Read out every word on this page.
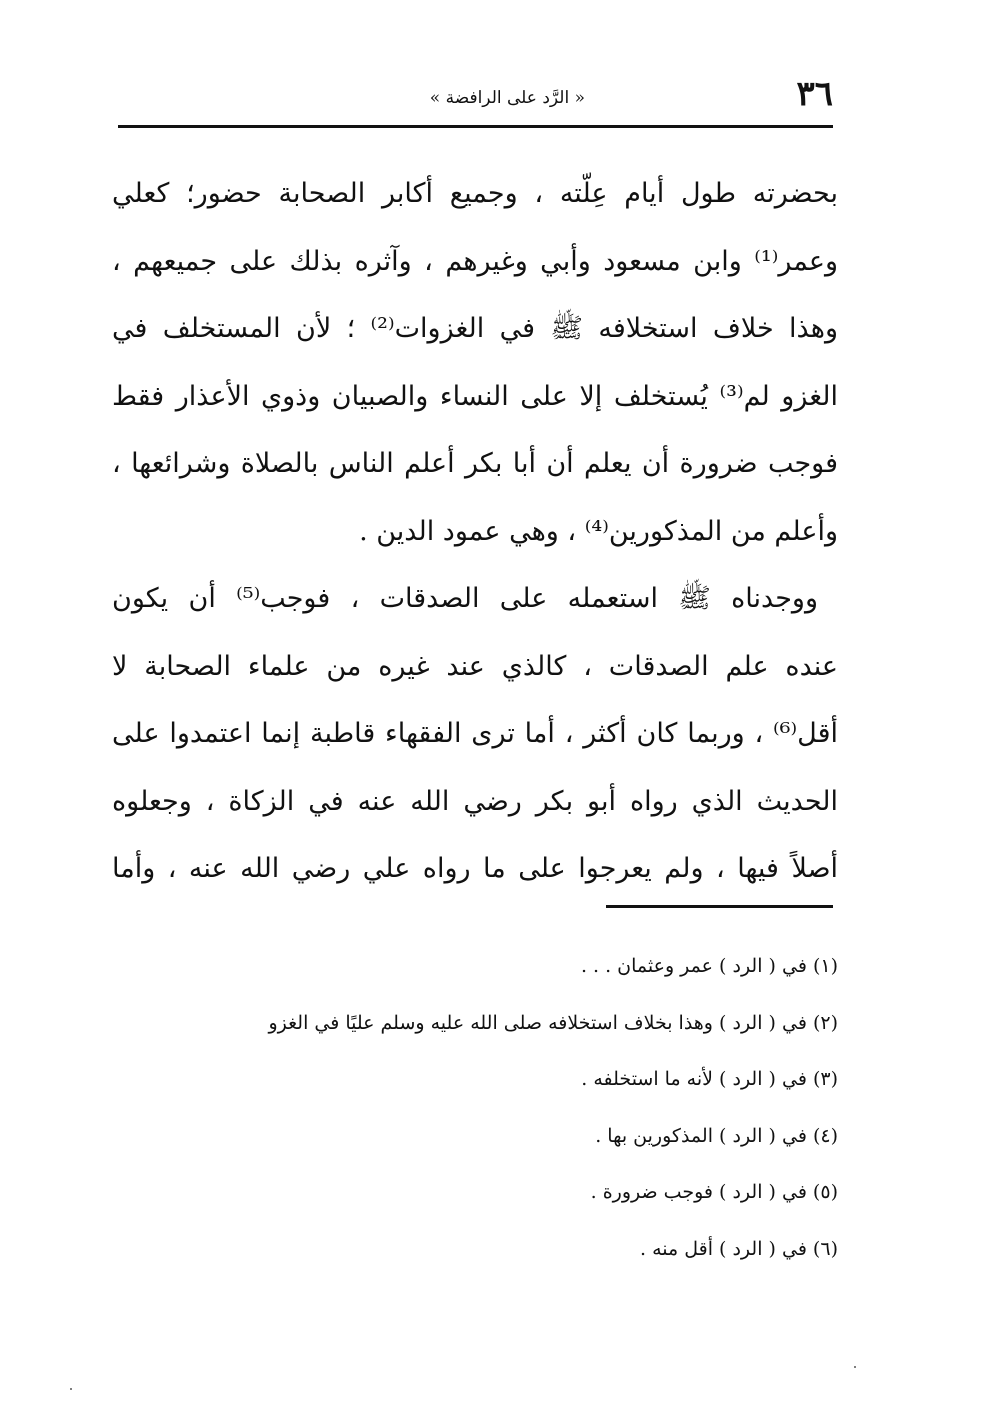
٣٦
« الرَّد على الرافضة »
بحضرته طول أيام عِلّته ، وجميع أكابر الصحابة حضور؛ كعلي
وعمر⁽¹⁾ وابن مسعود وأبي وغيرهم ، وآثره بذلك على جميعهم ،
وهذا خلاف استخلافه ﷺ في الغزوات⁽²⁾ ؛ لأن المستخلف في
الغزو لم⁽³⁾ يُستخلف إلا على النساء والصبيان وذوي الأعذار فقط
فوجب ضرورة أن يعلم أن أبا بكر أعلم الناس بالصلاة وشرائعها ،
وأعلم من المذكورين⁽⁴⁾ ، وهي عمود الدين .
ووجدناه ﷺ استعمله على الصدقات ، فوجب⁽⁵⁾ أن يكون
عنده علم الصدقات ، كالذي عند غيره من علماء الصحابة لا
أقل⁽⁶⁾ ، وربما كان أكثر ، أما ترى الفقهاء قاطبة إنما اعتمدوا على
الحديث الذي رواه أبو بكر رضي الله عنه في الزكاة ، وجعلوه
أصلاً فيها ، ولم يعرجوا على ما رواه علي رضي الله عنه ، وأما
(١) في ( الرد ) عمر وعثمان . . .
(٢) في ( الرد ) وهذا بخلاف استخلافه صلى الله عليه وسلم عليًا في الغزو
(٣) في ( الرد ) لأنه ما استخلفه .
(٤) في ( الرد ) المذكورين بها .
(٥) في ( الرد ) فوجب ضرورة .
(٦) في ( الرد ) أقل منه .
